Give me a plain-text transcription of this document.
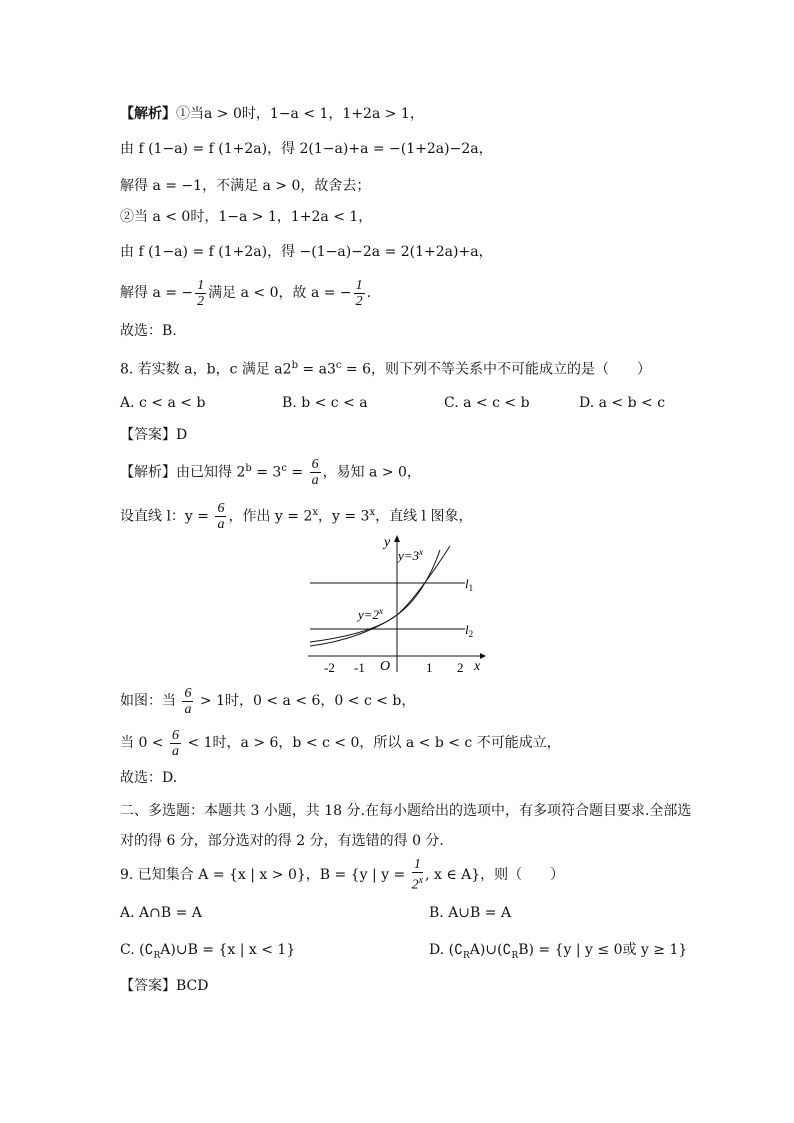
【解析】①当a > 0时，1−a < 1，1+2a > 1，
由 f (1−a) = f (1+2a)，得 2(1−a)+a = −(1+2a)−2a，
解得 a = −1，不满足 a > 0，故舍去；
②当 a < 0时，1−a > 1，1+2a < 1，
由 f (1−a) = f (1+2a)，得 −(1−a)−2a = 2(1+2a)+a，
解得 a = − $\frac{1}{2}$ 满足 a < 0，故 a = − $\frac{1}{2}$ .
故选：B.
8. 若实数 a，b，c 满足 $a2^b = a3^c = 6$，则下列不等关系中不可能成立的是（　　）
A. c < a < b	B. b < c < a	C. a < c < b	D. a < b < c
【答案】D
【解析】由已知得 $2^b = 3^c = \frac{6}{a}$ ，易知 a > 0，
设直线 l：$y = \frac{6}{a}$ ，作出 $y = 2^x$，$y = 3^x$，直线 l 图象，
y
x
O
$y=3^x$
$y=2^x$
$l_1$
$l_2$
-2 -1	1 2
如图：当 $\frac{6}{a} > 1$时，0 < a < 6，0 < c < b，
当 $0 < \frac{6}{a} < 1$时，a > 6，b < c < 0，所以 a < b < c 不可能成立，
故选：D.
二、多选题：本题共 3 小题，共 18 分.在每小题给出的选项中，有多项符合题目要求.全部选
对的得 6 分，部分选对的得 2 分，有选错的得 0 分.
9. 已知集合 A = {x | x > 0}，B = {y | $y = \frac{1}{2^x}$ , x ∈ A}，则（　　）
A. A∩B = A	B. A∪B = A
C. $(∁_RA)\cup B = \{x$ | x < 1}	D. $(∁_RA)\cup(∁_RB) = \{y$ | y ≤ 0或 y ≥ 1}
【答案】BCD
